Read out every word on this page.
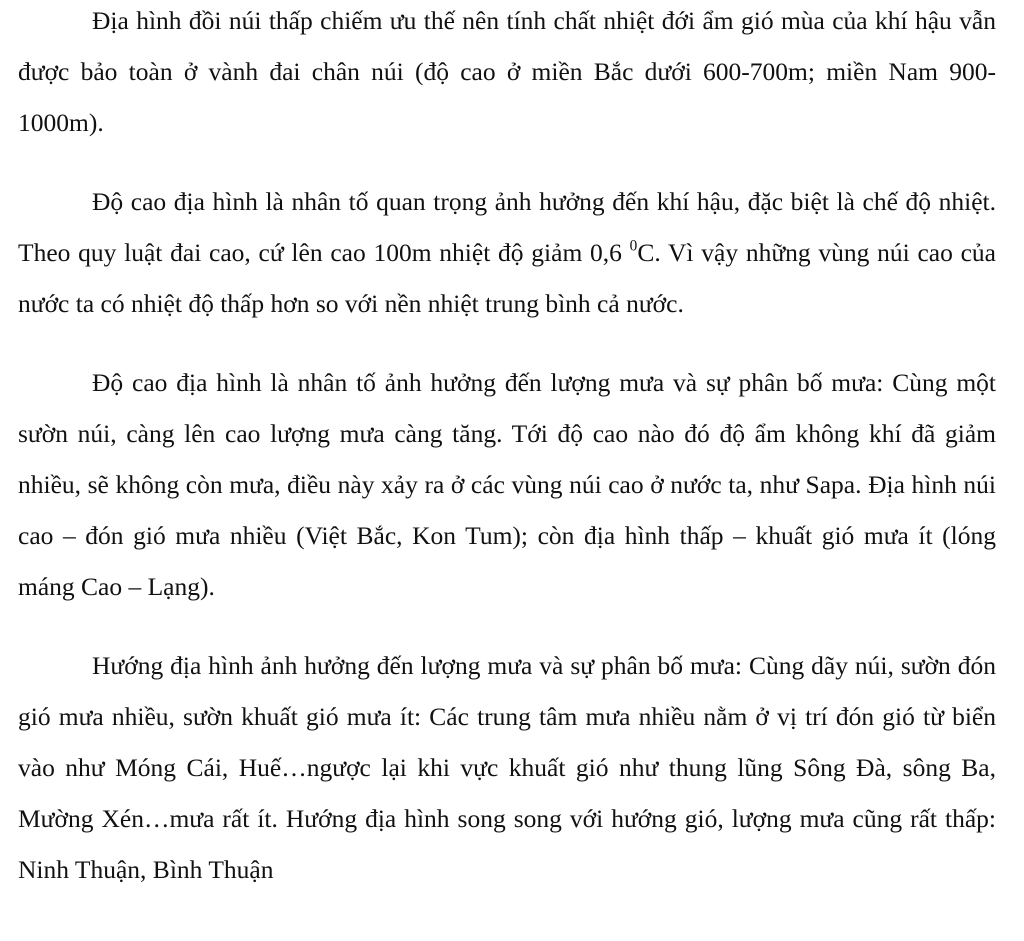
Địa hình đồi núi thấp chiếm ưu thế nên tính chất nhiệt đới ẩm gió mùa của khí hậu vẫn được bảo toàn ở vành đai chân núi (độ cao ở miền Bắc dưới 600-700m; miền Nam 900-1000m).

Độ cao địa hình là nhân tố quan trọng ảnh hưởng đến khí hậu, đặc biệt là chế độ nhiệt. Theo quy luật đai cao, cứ lên cao 100m nhiệt độ giảm 0,6 $^0$C. Vì vậy những vùng núi cao của nước ta có nhiệt độ thấp hơn so với nền nhiệt trung bình cả nước.

Độ cao địa hình là nhân tố ảnh hưởng đến lượng mưa và sự phân bố mưa: Cùng một sườn núi, càng lên cao lượng mưa càng tăng. Tới độ cao nào đó độ ẩm không khí đã giảm nhiều, sẽ không còn mưa, điều này xảy ra ở các vùng núi cao ở nước ta, như Sapa. Địa hình núi cao – đón gió mưa nhiều (Việt Bắc, Kon Tum); còn địa hình thấp – khuất gió mưa ít (lóng máng Cao – Lạng).

Hướng địa hình ảnh hưởng đến lượng mưa và sự phân bố mưa: Cùng dãy núi, sườn đón gió mưa nhiều, sườn khuất gió mưa ít: Các trung tâm mưa nhiều nằm ở vị trí đón gió từ biển vào như Móng Cái, Huế…ngược lại khi vực khuất gió như thung lũng Sông Đà, sông Ba, Mường Xén…mưa rất ít. Hướng địa hình song song với hướng gió, lượng mưa cũng rất thấp: Ninh Thuận, Bình Thuận
